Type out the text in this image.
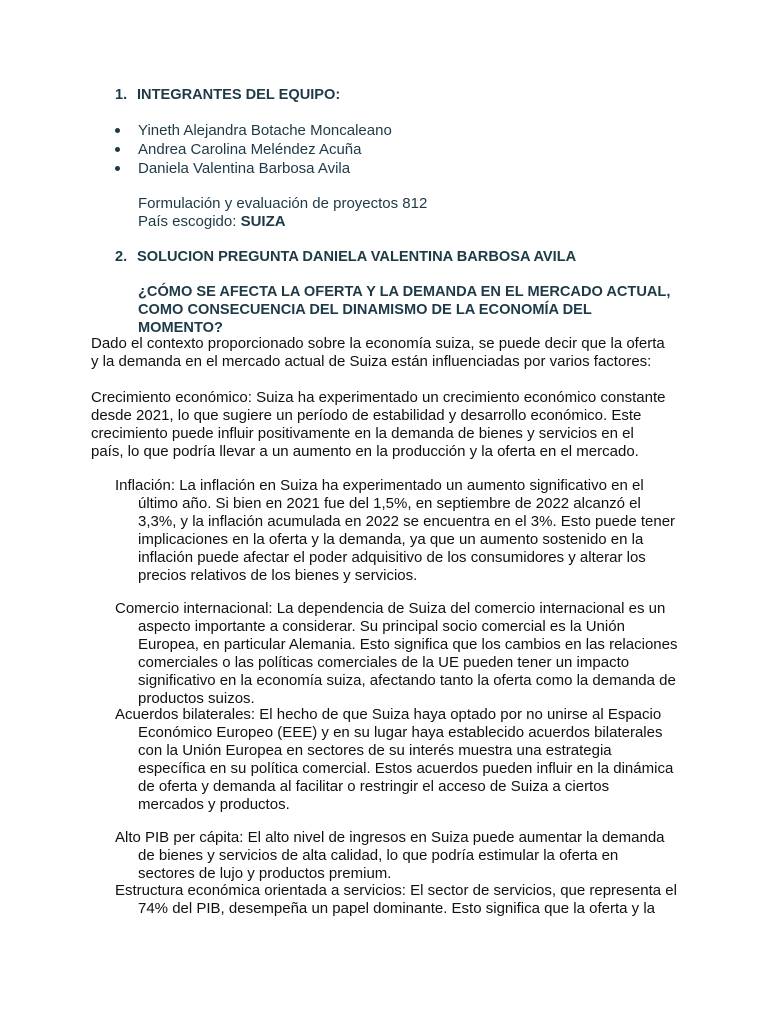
1. INTEGRANTES DEL EQUIPO:
Yineth Alejandra Botache Moncaleano
Andrea Carolina Meléndez Acuña
Daniela Valentina Barbosa Avila
Formulación y evaluación de proyectos 812
País escogido: SUIZA
2. SOLUCION PREGUNTA DANIELA VALENTINA BARBOSA AVILA
¿CÓMO SE AFECTA LA OFERTA Y LA DEMANDA EN EL MERCADO ACTUAL, COMO CONSECUENCIA DEL DINAMISMO DE LA ECONOMÍA DEL MOMENTO?
Dado el contexto proporcionado sobre la economía suiza, se puede decir que la oferta y la demanda en el mercado actual de Suiza están influenciadas por varios factores:
Crecimiento económico: Suiza ha experimentado un crecimiento económico constante desde 2021, lo que sugiere un período de estabilidad y desarrollo económico. Este crecimiento puede influir positivamente en la demanda de bienes y servicios en el país, lo que podría llevar a un aumento en la producción y la oferta en el mercado.
Inflación: La inflación en Suiza ha experimentado un aumento significativo en el último año. Si bien en 2021 fue del 1,5%, en septiembre de 2022 alcanzó el 3,3%, y la inflación acumulada en 2022 se encuentra en el 3%. Esto puede tener implicaciones en la oferta y la demanda, ya que un aumento sostenido en la inflación puede afectar el poder adquisitivo de los consumidores y alterar los precios relativos de los bienes y servicios.
Comercio internacional: La dependencia de Suiza del comercio internacional es un aspecto importante a considerar. Su principal socio comercial es la Unión Europea, en particular Alemania. Esto significa que los cambios en las relaciones comerciales o las políticas comerciales de la UE pueden tener un impacto significativo en la economía suiza, afectando tanto la oferta como la demanda de productos suizos.
Acuerdos bilaterales: El hecho de que Suiza haya optado por no unirse al Espacio Económico Europeo (EEE) y en su lugar haya establecido acuerdos bilaterales con la Unión Europea en sectores de su interés muestra una estrategia específica en su política comercial. Estos acuerdos pueden influir en la dinámica de oferta y demanda al facilitar o restringir el acceso de Suiza a ciertos mercados y productos.
Alto PIB per cápita: El alto nivel de ingresos en Suiza puede aumentar la demanda de bienes y servicios de alta calidad, lo que podría estimular la oferta en sectores de lujo y productos premium.
Estructura económica orientada a servicios: El sector de servicios, que representa el 74% del PIB, desempeña un papel dominante. Esto significa que la oferta y la
